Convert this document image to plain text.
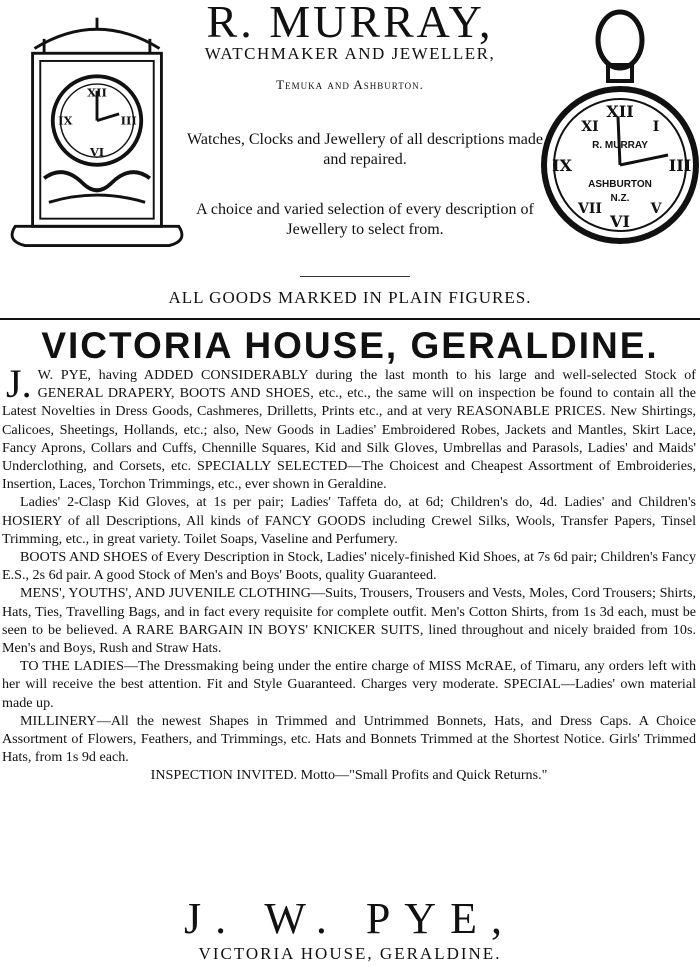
XII
III
VI
IX	XII
III
VI
IX
I
XI
V
VII
R. MURRAY
ASHBURTON
N.Z.
R. MURRAY,
WATCHMAKER AND JEWELLER,
Temuka and Ashburton.
Watches, Clocks and Jewellery of all descriptions made and repaired.
A choice and varied selection of every description of Jewellery to select from.
ALL GOODS MARKED IN PLAIN FIGURES.
VICTORIA HOUSE, GERALDINE.

J. W. PYE, having ADDED CONSIDERABLY during the last month to his large and well-selected Stock of GENERAL DRAPERY, BOOTS AND SHOES, etc., etc., the same will on inspection be found to contain all the Latest Novelties in Dress Goods, Cashmeres, Drilletts, Prints etc., and at very REASONABLE PRICES. New Shirtings, Calicoes, Sheetings, Hollands, etc.; also, New Goods in Ladies' Embroidered Robes, Jackets and Mantles, Skirt Lace, Fancy Aprons, Collars and Cuffs, Chennille Squares, Kid and Silk Gloves, Umbrellas and Parasols, Ladies' and Maids' Underclothing, and Corsets, etc. SPECIALLY SELECTED—The Choicest and Cheapest Assortment of Embroideries, Insertion, Laces, Torchon Trimmings, etc., ever shown in Geraldine.

Ladies' 2-Clasp Kid Gloves, at 1s per pair; Ladies' Taffeta do, at 6d; Children's do, 4d. Ladies' and Children's HOSIERY of all Descriptions, All kinds of FANCY GOODS including Crewel Silks, Wools, Transfer Papers, Tinsel Trimming, etc., in great variety. Toilet Soaps, Vaseline and Perfumery.

BOOTS AND SHOES of Every Description in Stock, Ladies' nicely-finished Kid Shoes, at 7s 6d pair; Children's Fancy E.S., 2s 6d pair. A good Stock of Men's and Boys' Boots, quality Guaranteed.

MENS', YOUTHS', AND JUVENILE CLOTHING—Suits, Trousers, Trousers and Vests, Moles, Cord Trousers; Shirts, Hats, Ties, Travelling Bags, and in fact every requisite for complete outfit. Men's Cotton Shirts, from 1s 3d each, must be seen to be believed. A RARE BARGAIN IN BOYS' KNICKER SUITS, lined throughout and nicely braided from 10s. Men's and Boys, Rush and Straw Hats.

TO THE LADIES—The Dressmaking being under the entire charge of MISS McRAE, of Timaru, any orders left with her will receive the best attention. Fit and Style Guaranteed. Charges very moderate. SPECIAL—Ladies' own material made up.

MILLINERY—All the newest Shapes in Trimmed and Untrimmed Bonnets, Hats, and Dress Caps. A Choice Assortment of Flowers, Feathers, and Trimmings, etc. Hats and Bonnets Trimmed at the Shortest Notice. Girls' Trimmed Hats, from 1s 9d each.

INSPECTION INVITED. Motto—"Small Profits and Quick Returns."

J. W. PYE,
VICTORIA HOUSE, GERALDINE.
